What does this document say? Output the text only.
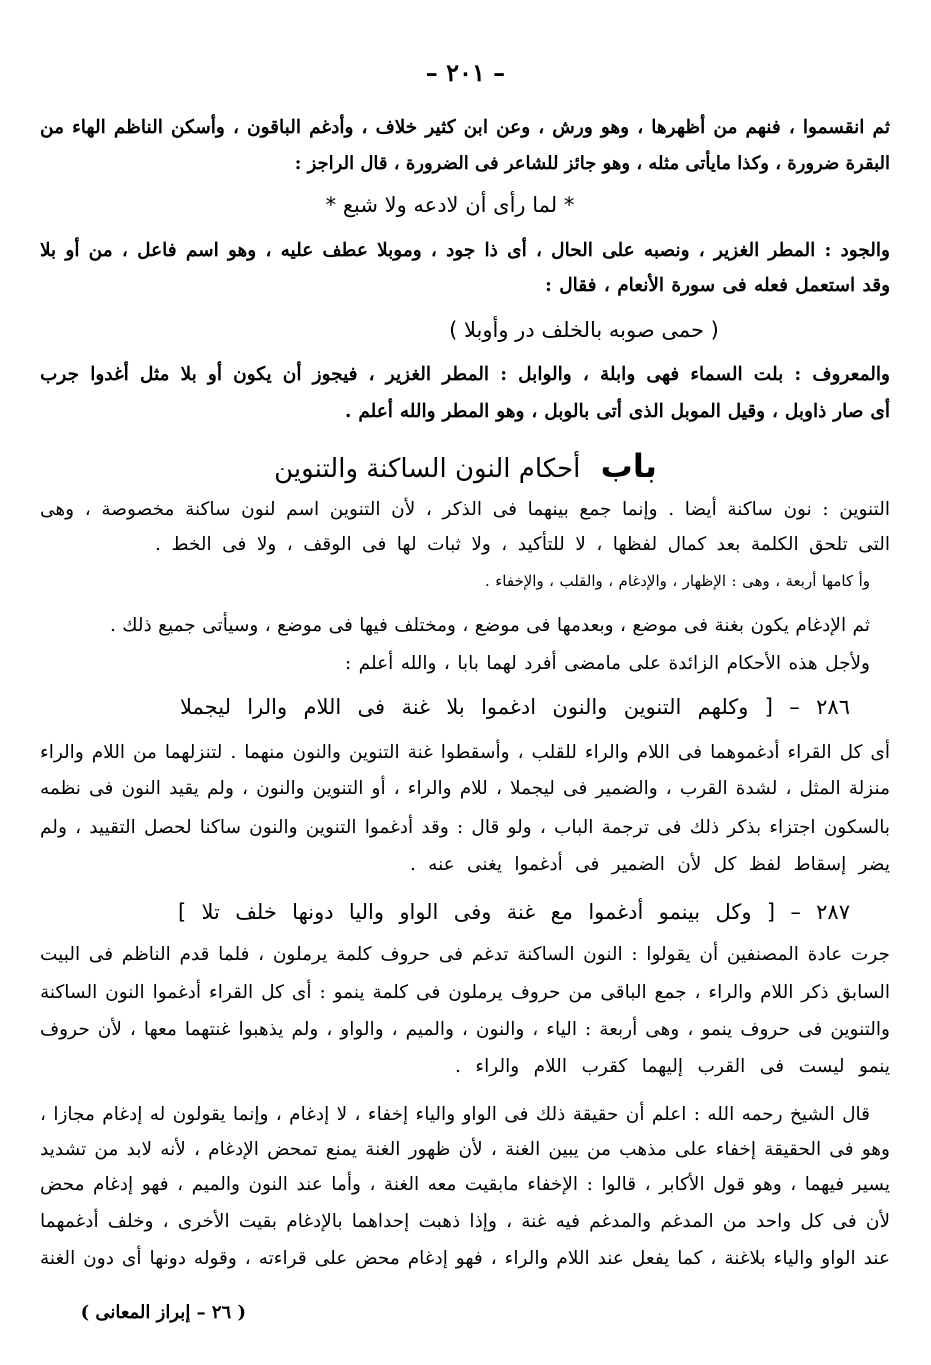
– ٢٠١ –
ثم انقسموا ، فنهم من أظهرها ، وهو ورش ، وعن ابن كثير خلاف ، وأدغم الباقون ، وأسكن الناظم الهاء من
البقرة ضرورة ، وكذا مايأتى مثله ، وهو جائز للشاعر فى الضرورة ، قال الراجز :
* لما رأى أن لادعه ولا شبع *
والجود : المطر الغزير ، ونصبه على الحال ، أى ذا جود ، وموبلا عطف عليه ، وهو اسم فاعل ، من أو بلا
وقد استعمل فعله فى سورة الأنعام ، فقال :
( حمى صوبه بالخلف در وأوبلا )
والمعروف : بلت السماء فهى وابلة ، والوابل : المطر الغزير ، فيجوز أن يكون أو بلا مثل أغدوا جرب
أى صار ذاوبل ، وقيل الموبل الذى أتى بالوبل ، وهو المطر والله أعلم .
باب أحكام النون الساكنة والتنوين
التنوين : نون ساكنة أيضا . وإنما جمع بينهما فى الذكر ، لأن التنوين اسم لنون ساكنة مخصوصة ، وهى
التى تلحق الكلمة بعد كمال لفظها ، لا للتأكيد ، ولا ثبات لها فى الوقف ، ولا فى الخط .
وأ كامها أربعة ، وهى : الإظهار ، والإدغام ، والقلب ، والإخفاء .
ثم الإدغام يكون بغنة فى موضع ، وبعدمها فى موضع ، ومختلف فيها فى موضع ، وسيأتى جميع ذلك .
ولأجل هذه الأحكام الزائدة على مامضى أفرد لهما بابا ، والله أعلم :
٢٨٦ – [ وكلهم التنوين والنون ادغموا بلا غنة فى اللام والرا ليجملا
أى كل القراء أدغموهما فى اللام والراء للقلب ، وأسقطوا غنة التنوين والنون منهما . لتنزلهما من اللام والراء
منزلة المثل ، لشدة القرب ، والضمير فى ليجملا ، للام والراء ، أو التنوين والنون ، ولم يقيد النون فى نظمه
بالسكون اجتزاء بذكر ذلك فى ترجمة الباب ، ولو قال : وقد أدغموا التنوين والنون ساكنا لحصل التقييد ، ولم
يضر إسقاط لفظ كل لأن الضمير فى أدغموا يغنى عنه .
٢٨٧ – [ وكل بينمو أدغموا مع غنة وفى الواو واليا دونها خلف تلا ]
جرت عادة المصنفين أن يقولوا : النون الساكنة تدغم فى حروف كلمة يرملون ، فلما قدم الناظم فى البيت
السابق ذكر اللام والراء ، جمع الباقى من حروف يرملون فى كلمة ينمو : أى كل القراء أدغموا النون الساكنة
والتنوين فى حروف ينمو ، وهى أربعة : الياء ، والنون ، والميم ، والواو ، ولم يذهبوا غنتهما معها ، لأن حروف
ينمو ليست فى القرب إليهما كقرب اللام والراء .
قال الشيخ رحمه الله : اعلم أن حقيقة ذلك فى الواو والياء إخفاء ، لا إدغام ، وإنما يقولون له إدغام مجازا ،
وهو فى الحقيقة إخفاء على مذهب من يبين الغنة ، لأن ظهور الغنة يمنع تمحض الإدغام ، لأنه لابد من تشديد
يسير فيهما ، وهو قول الأكابر ، قالوا : الإخفاء مابقيت معه الغنة ، وأما عند النون والميم ، فهو إدغام محض
لأن فى كل واحد من المدغم والمدغم فيه غنة ، وإذا ذهبت إحداهما بالإدغام بقيت الأخرى ، وخلف أدغمهما
عند الواو والياء بلاغنة ، كما يفعل عند اللام والراء ، فهو إدغام محض على قراءته ، وقوله دونها أى دون الغنة
( ٢٦ – إبراز المعانى )
